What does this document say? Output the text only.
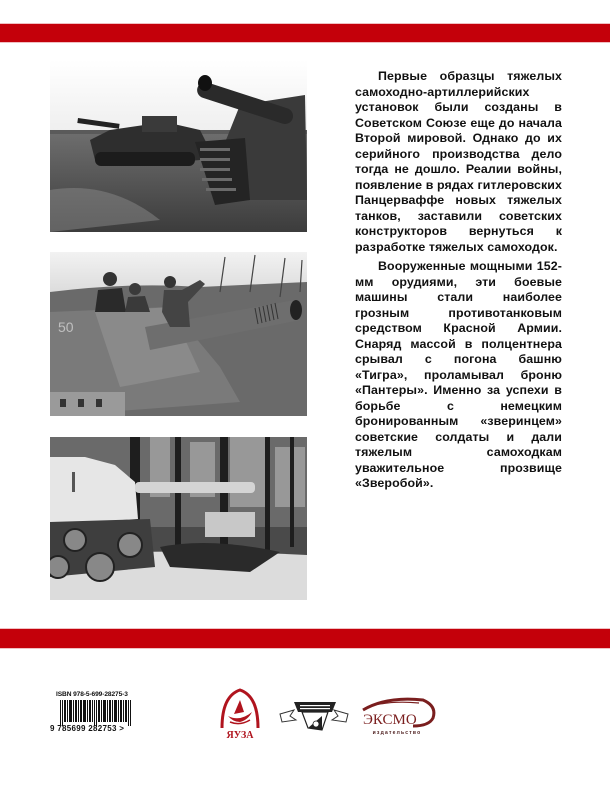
50

Первые образцы тяжелых самоходно-артиллерийских установок были созданы в Советском Союзе еще до начала Второй мировой. Однако до их серийного производства дело тогда не дошло. Реалии войны, появление в рядах гитлеровских Панцерваффе новых тяжелых танков, заставили советских конструкторов вернуться к разработке тяжелых самоходок.

Вооруженные мощными 152-мм орудиями, эти боевые машины стали наиболее грозным противотанковым средством Красной Армии. Снаряд массой в полцентнера срывал с погона башню «Тигра», проламывал броню «Пантеры». Именно за успехи в борьбе с немецким бронированным «зверинцем» советские солдаты и дали тяжелым самоходкам уважительное прозвище «Зверобой».

ISBN 978-5-699-28275-3
9 785699 282753 >
ЯУЗА
ЭКСМО
издательство
